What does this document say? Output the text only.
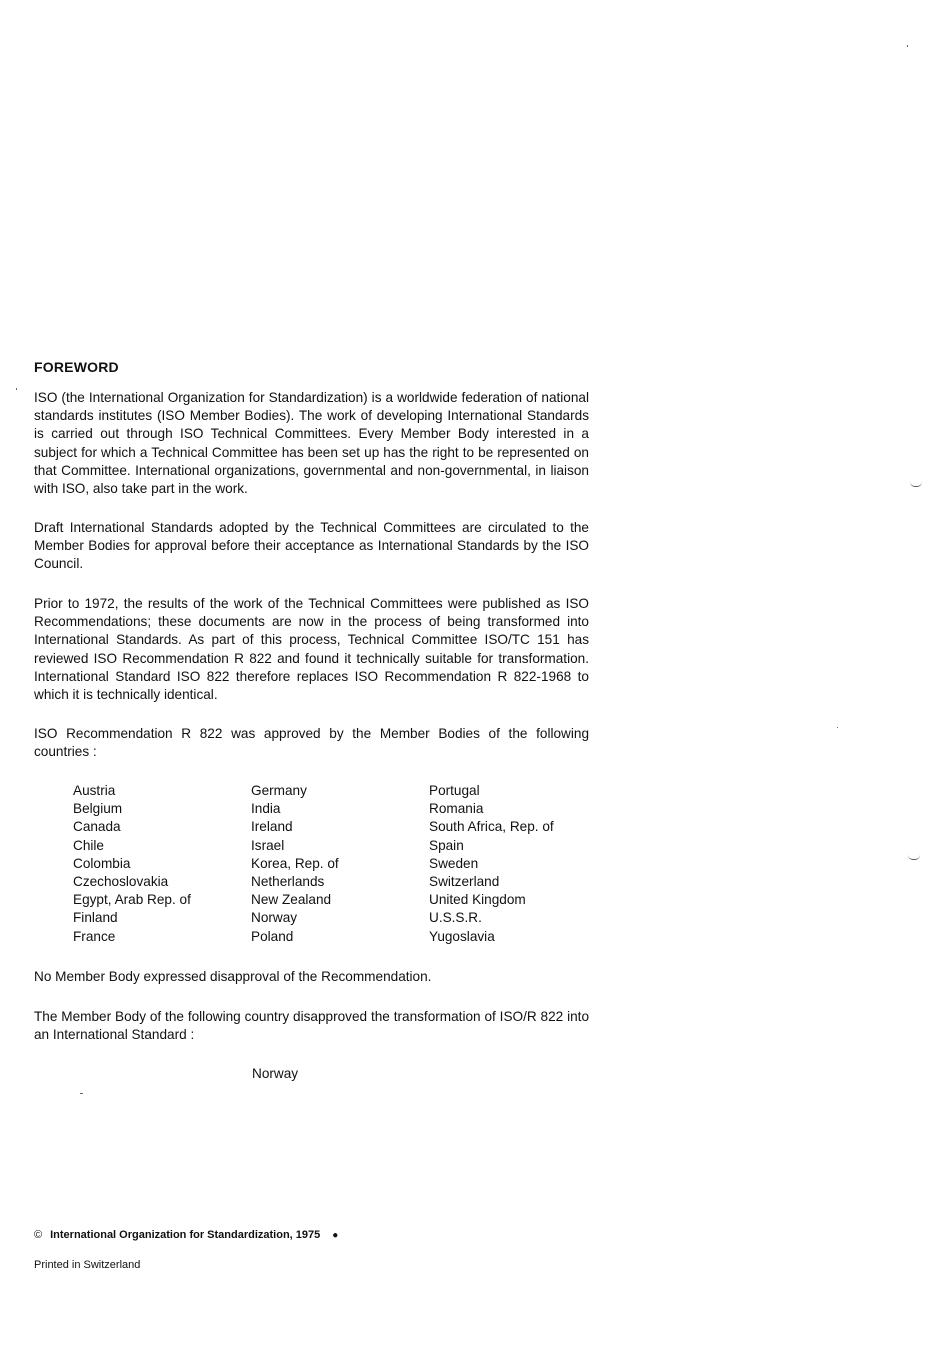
FOREWORD

ISO (the International Organization for Standardization) is a worldwide federation of national standards institutes (ISO Member Bodies). The work of developing International Standards is carried out through ISO Technical Committees. Every Member Body interested in a subject for which a Technical Committee has been set up has the right to be represented on that Committee. International organizations, governmental and non-governmental, in liaison with ISO, also take part in the work.

Draft International Standards adopted by the Technical Committees are circulated to the Member Bodies for approval before their acceptance as International Standards by the ISO Council.

Prior to 1972, the results of the work of the Technical Committees were published as ISO Recommendations; these documents are now in the process of being transformed into International Standards. As part of this process, Technical Committee ISO/TC 151 has reviewed ISO Recommendation R 822 and found it technically suitable for transformation. International Standard ISO 822 therefore replaces ISO Recommendation R 822-1968 to which it is technically identical.

ISO Recommendation R 822 was approved by the Member Bodies of the following countries :

Austria
Belgium
Canada
Chile
Colombia
Czechoslovakia
Egypt, Arab Rep. of
Finland
France
Germany
India
Ireland
Israel
Korea, Rep. of
Netherlands
New Zealand
Norway
Poland
Portugal
Romania
South Africa, Rep. of
Spain
Sweden
Switzerland
United Kingdom
U.S.S.R.
Yugoslavia

No Member Body expressed disapproval of the Recommendation.

The Member Body of the following country disapproved the transformation of ISO/R 822 into an International Standard :

Norway
© International Organization for Standardization, 1975 ●
Printed in Switzerland
